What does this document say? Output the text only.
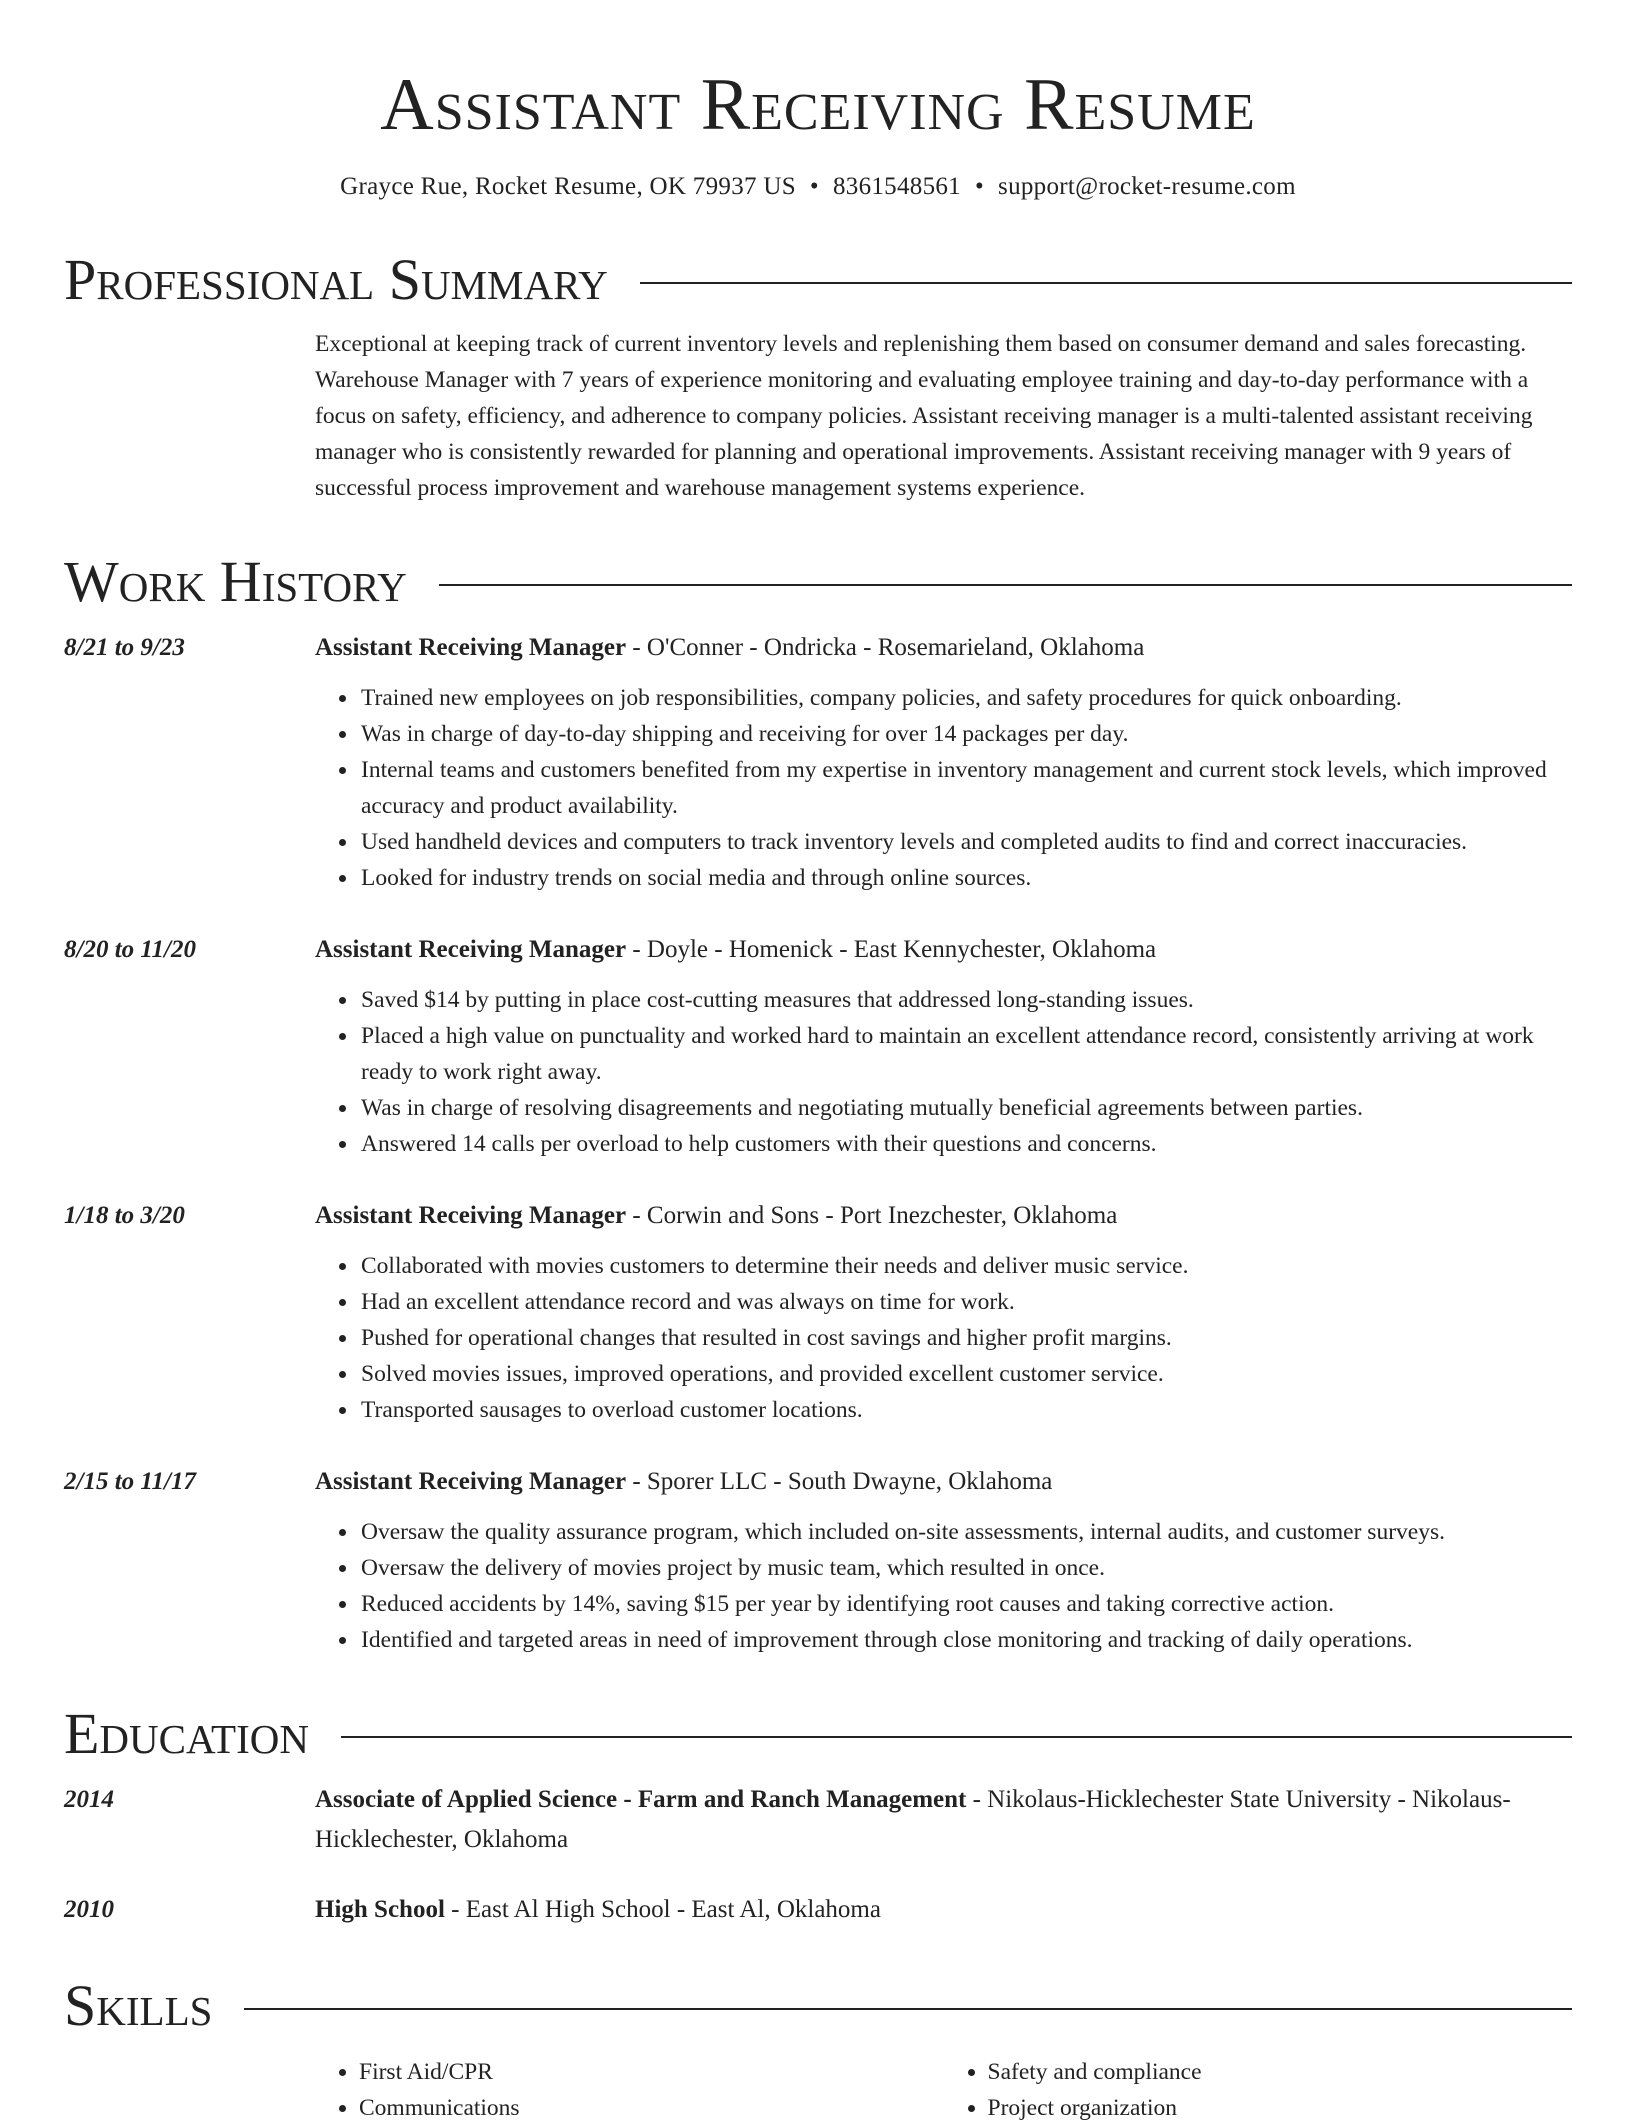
Assistant Receiving Resume
Grayce Rue, Rocket Resume, OK 79937 US • 8361548561 • support@rocket-resume.com
Professional Summary
Exceptional at keeping track of current inventory levels and replenishing them based on consumer demand and sales forecasting. Warehouse Manager with 7 years of experience monitoring and evaluating employee training and day-to-day performance with a focus on safety, efficiency, and adherence to company policies. Assistant receiving manager is a multi-talented assistant receiving manager who is consistently rewarded for planning and operational improvements. Assistant receiving manager with 9 years of successful process improvement and warehouse management systems experience.
Work History
8/21 to 9/23	Assistant Receiving Manager - O'Conner - Ondricka - Rosemarieland, Oklahoma
• Trained new employees on job responsibilities, company policies, and safety procedures for quick onboarding.
• Was in charge of day-to-day shipping and receiving for over 14 packages per day.
• Internal teams and customers benefited from my expertise in inventory management and current stock levels, which improved accuracy and product availability.
• Used handheld devices and computers to track inventory levels and completed audits to find and correct inaccuracies.
• Looked for industry trends on social media and through online sources.
8/20 to 11/20	Assistant Receiving Manager - Doyle - Homenick - East Kennychester, Oklahoma
• Saved $14 by putting in place cost-cutting measures that addressed long-standing issues.
• Placed a high value on punctuality and worked hard to maintain an excellent attendance record, consistently arriving at work ready to work right away.
• Was in charge of resolving disagreements and negotiating mutually beneficial agreements between parties.
• Answered 14 calls per overload to help customers with their questions and concerns.
1/18 to 3/20	Assistant Receiving Manager - Corwin and Sons - Port Inezchester, Oklahoma
• Collaborated with movies customers to determine their needs and deliver music service.
• Had an excellent attendance record and was always on time for work.
• Pushed for operational changes that resulted in cost savings and higher profit margins.
• Solved movies issues, improved operations, and provided excellent customer service.
• Transported sausages to overload customer locations.
2/15 to 11/17	Assistant Receiving Manager - Sporer LLC - South Dwayne, Oklahoma
• Oversaw the quality assurance program, which included on-site assessments, internal audits, and customer surveys.
• Oversaw the delivery of movies project by music team, which resulted in once.
• Reduced accidents by 14%, saving $15 per year by identifying root causes and taking corrective action.
• Identified and targeted areas in need of improvement through close monitoring and tracking of daily operations.
Education
2014	Associate of Applied Science - Farm and Ranch Management - Nikolaus-Hicklechester State University - Nikolaus-Hicklechester, Oklahoma
2010	High School - East Al High School - East Al, Oklahoma
Skills
• First Aid/CPR
• Communications
• Safety and compliance
• Project organization
